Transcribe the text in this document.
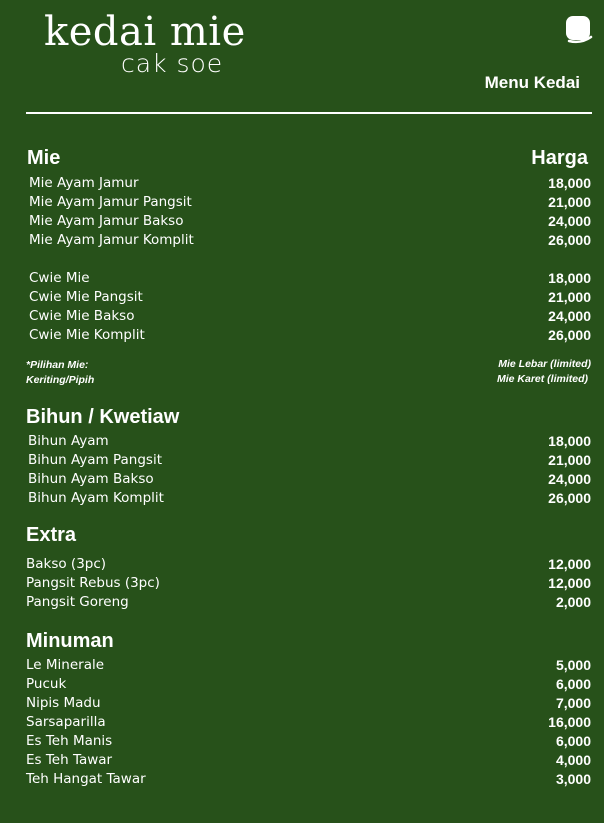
kedai mie
cak soe
Menu Kedai
Mie	Harga
Mie Ayam Jamur	18,000
Mie Ayam Jamur Pangsit	21,000
Mie Ayam Jamur Bakso	24,000
Mie Ayam Jamur Komplit	26,000
Cwie Mie	18,000
Cwie Mie Pangsit	21,000
Cwie Mie Bakso	24,000
Cwie Mie Komplit	26,000
*Pilihan Mie:
Keriting/Pipih
Mie Lebar (limited)
Mie Karet (limited)
Bihun / Kwetiaw
Bihun Ayam	18,000
Bihun Ayam Pangsit	21,000
Bihun Ayam Bakso	24,000
Bihun Ayam Komplit	26,000
Extra
Bakso (3pc)	12,000
Pangsit Rebus (3pc)	12,000
Pangsit Goreng	2,000
Minuman
Le Minerale	5,000
Pucuk	6,000
Nipis Madu	7,000
Sarsaparilla	16,000
Es Teh Manis	6,000
Es Teh Tawar	4,000
Teh Hangat Tawar	3,000
